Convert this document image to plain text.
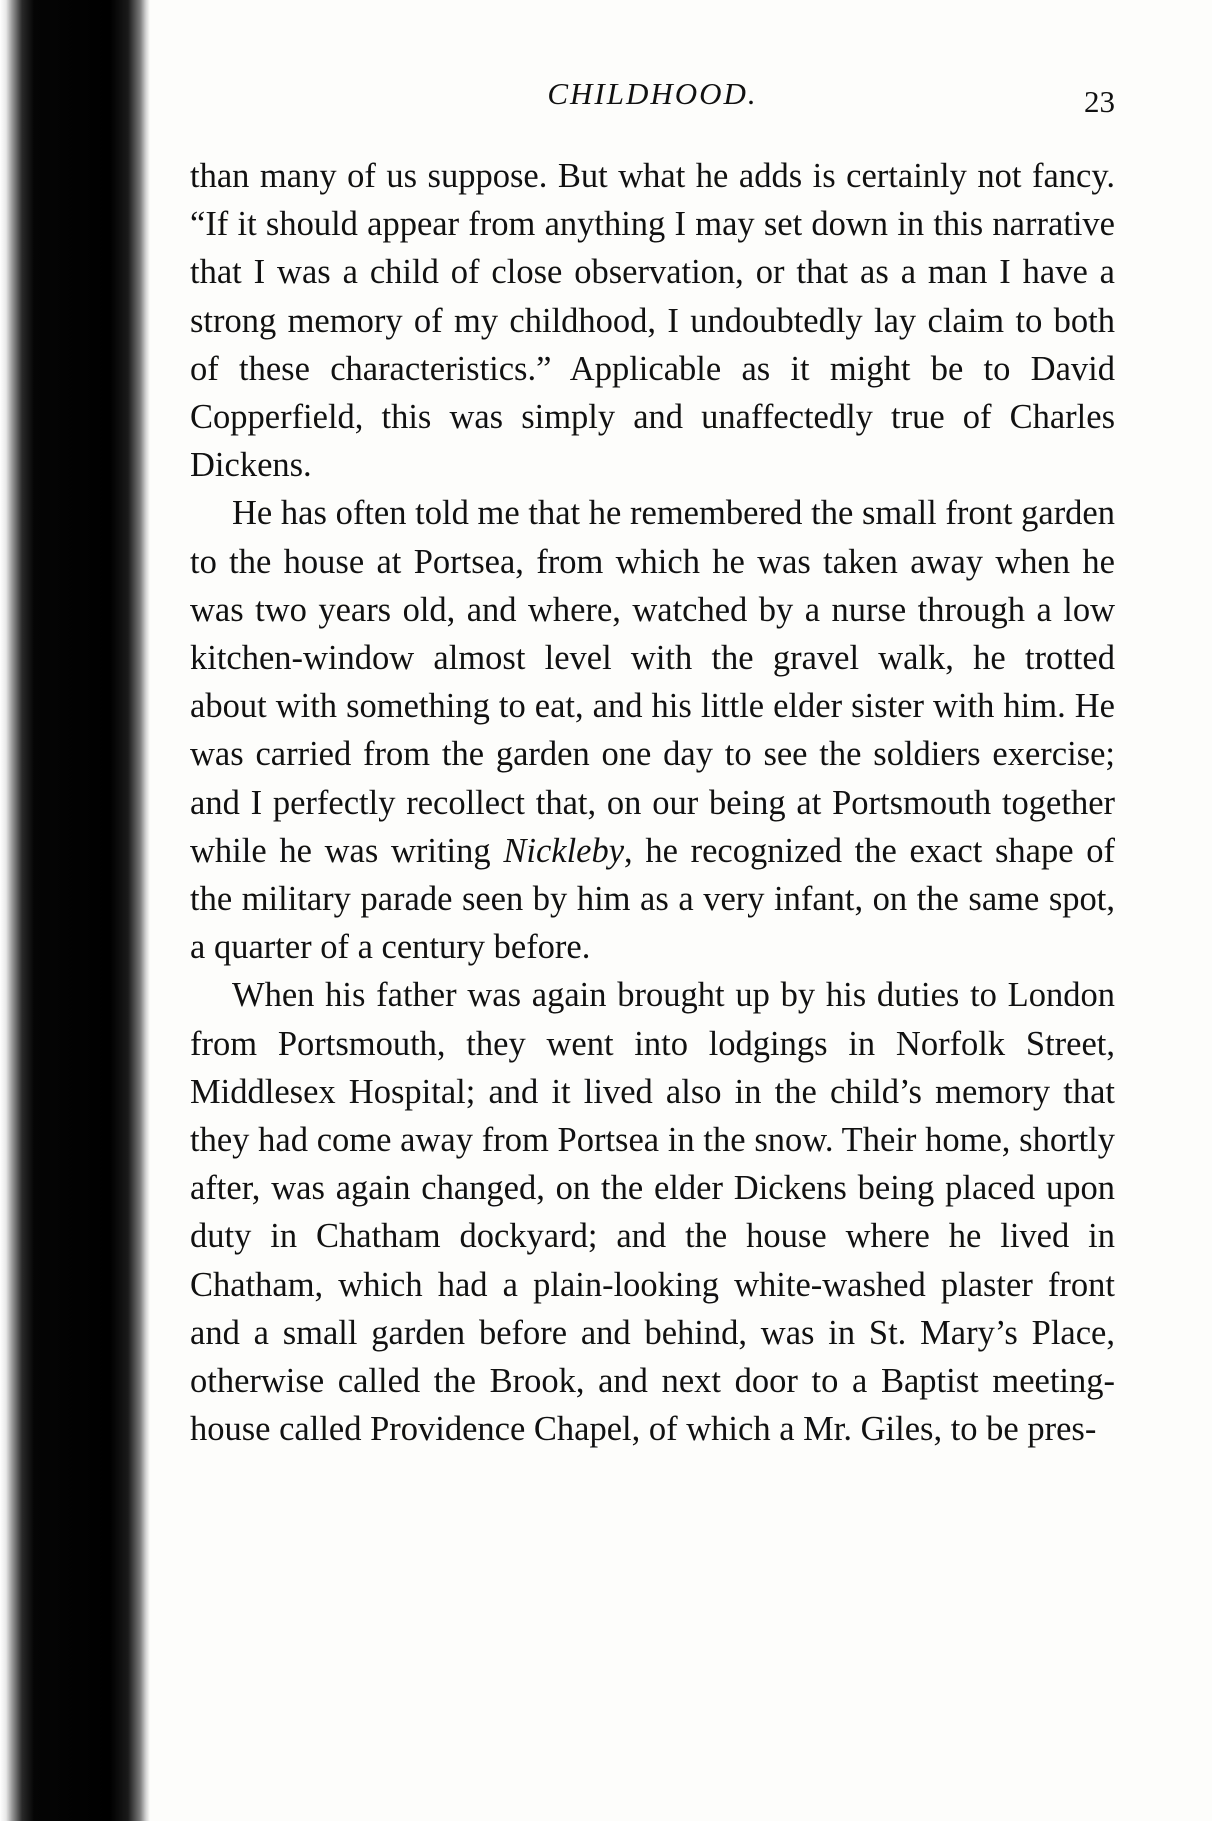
CHILDHOOD.	23

than many of us suppose. But what he adds is certainly not fancy. “If it should appear from anything I may set down in this narrative that I was a child of close observation, or that as a man I have a strong memory of my childhood, I undoubtedly lay claim to both of these characteristics.” Applicable as it might be to David Copperfield, this was simply and unaffectedly true of Charles Dickens.

He has often told me that he remembered the small front garden to the house at Portsea, from which he was taken away when he was two years old, and where, watched by a nurse through a low kitchen-window almost level with the gravel walk, he trotted about with something to eat, and his little elder sister with him. He was carried from the garden one day to see the soldiers exercise; and I perfectly recollect that, on our being at Portsmouth together while he was writing Nickleby, he recognized the exact shape of the military parade seen by him as a very infant, on the same spot, a quarter of a century before.

When his father was again brought up by his duties to London from Portsmouth, they went into lodgings in Norfolk Street, Middlesex Hospital; and it lived also in the child’s memory that they had come away from Portsea in the snow. Their home, shortly after, was again changed, on the elder Dickens being placed upon duty in Chatham dockyard; and the house where he lived in Chatham, which had a plain-looking white-washed plaster front and a small garden before and behind, was in St. Mary’s Place, otherwise called the Brook, and next door to a Baptist meeting-house called Providence Chapel, of which a Mr. Giles, to be pres-
